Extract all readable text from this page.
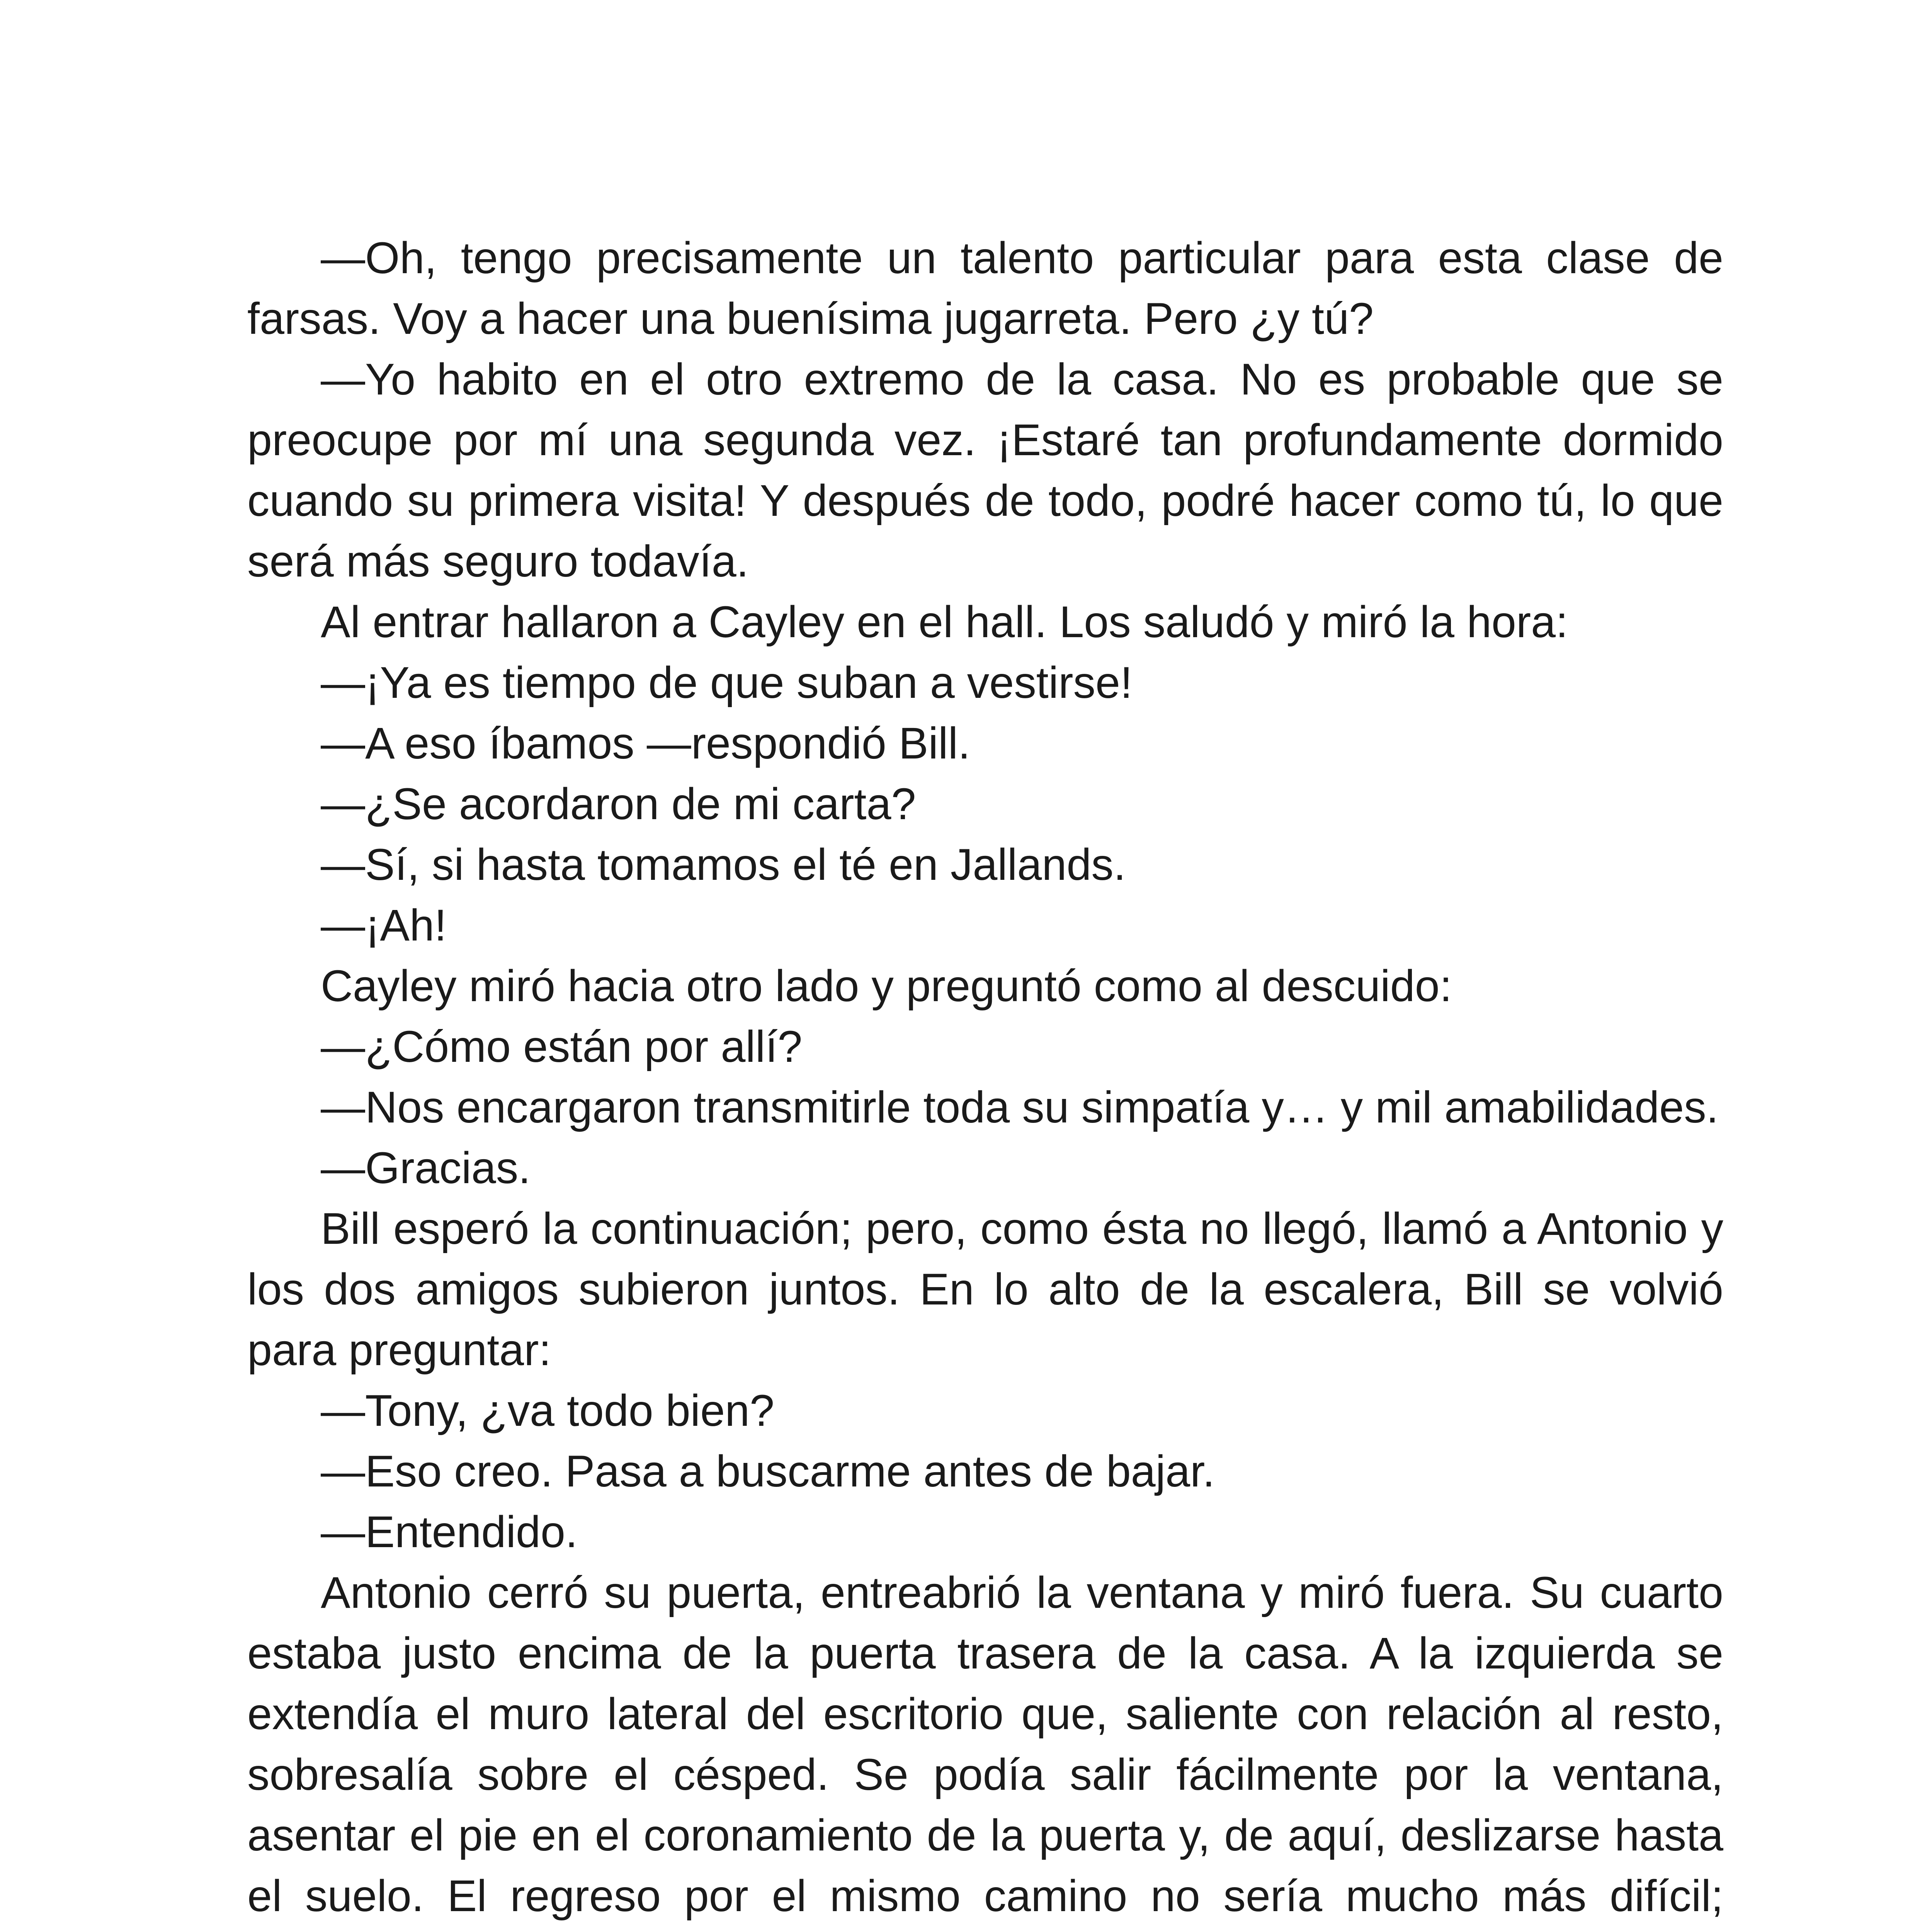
—Oh, tengo precisamente un talento particular para esta clase de farsas. Voy a hacer una buenísima jugarreta. Pero ¿y tú?

—Yo habito en el otro extremo de la casa. No es probable que se preocupe por mí una segunda vez. ¡Estaré tan profundamente dormido cuando su primera visita! Y después de todo, podré hacer como tú, lo que será más seguro todavía.

Al entrar hallaron a Cayley en el hall. Los saludó y miró la hora:

—¡Ya es tiempo de que suban a vestirse!

—A eso íbamos —respondió Bill.

—¿Se acordaron de mi carta?

—Sí, si hasta tomamos el té en Jallands.

—¡Ah!

Cayley miró hacia otro lado y preguntó como al descuido:

—¿Cómo están por allí?

—Nos encargaron transmitirle toda su simpatía y… y mil amabilidades.

—Gracias.

Bill esperó la continuación; pero, como ésta no llegó, llamó a Antonio y los dos amigos subieron juntos. En lo alto de la escalera, Bill se volvió para preguntar:

—Tony, ¿va todo bien?

—Eso creo. Pasa a buscarme antes de bajar.

—Entendido.

Antonio cerró su puerta, entreabrió la ventana y miró fuera. Su cuarto estaba justo encima de la puerta trasera de la casa. A la izquierda se extendía el muro lateral del escritorio que, saliente con relación al resto, sobresalía sobre el césped. Se podía salir fácilmente por la ventana, asentar el pie en el coronamiento de la puerta y, de aquí, deslizarse hasta el suelo. El regreso por el mismo camino no sería mucho más difícil;
